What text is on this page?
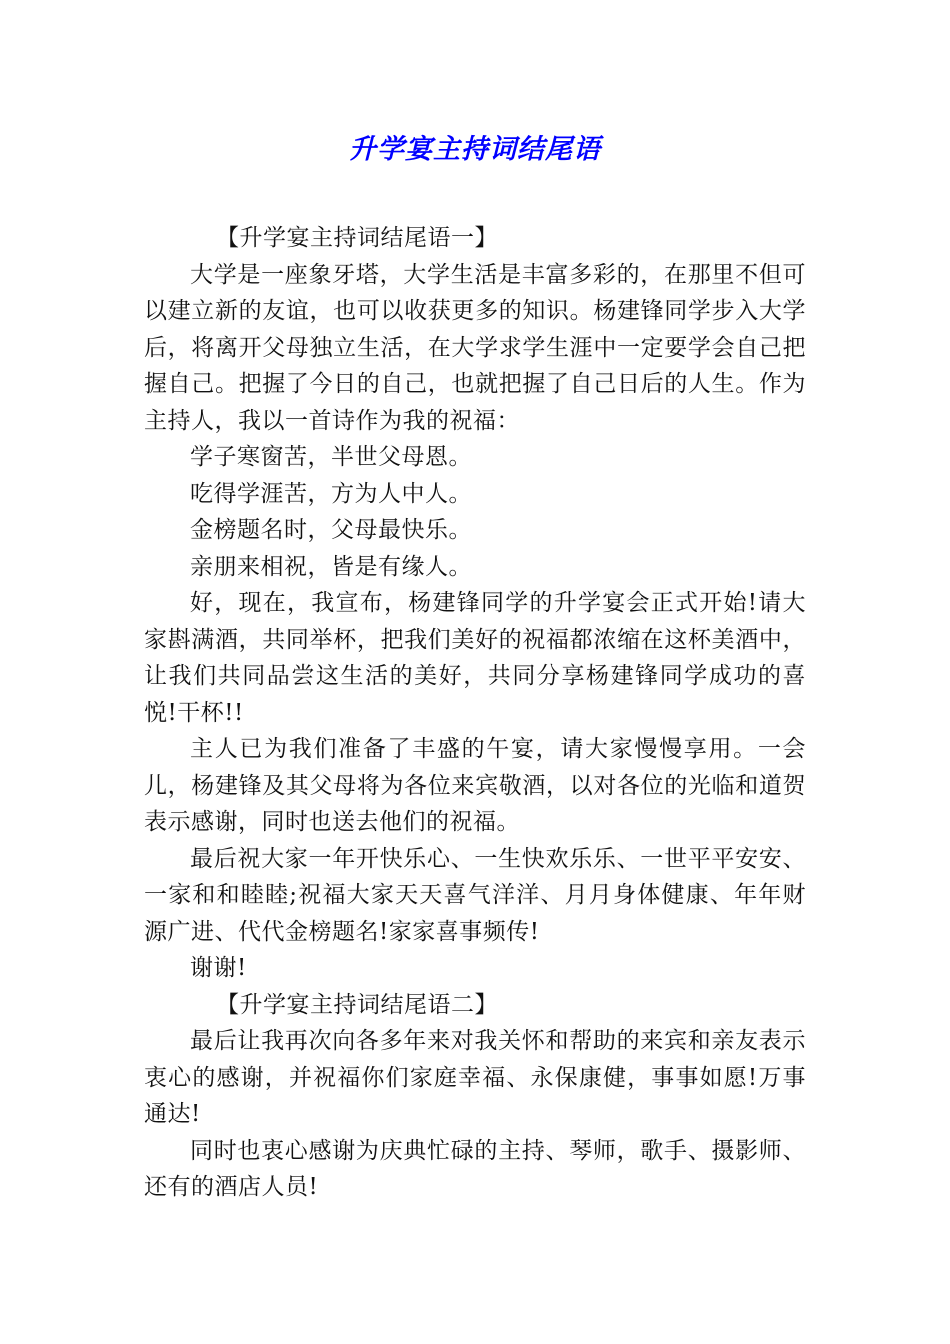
升学宴主持词结尾语

【升学宴主持词结尾语一】

大学是一座象牙塔，大学生活是丰富多彩的，在那里不但可以建立新的友谊，也可以收获更多的知识。杨建锋同学步入大学后，将离开父母独立生活，在大学求学生涯中一定要学会自己把握自己。把握了今日的自己，也就把握了自己日后的人生。作为主持人，我以一首诗作为我的祝福：

学子寒窗苦，半世父母恩。

吃得学涯苦，方为人中人。

金榜题名时，父母最快乐。

亲朋来相祝，皆是有缘人。

好，现在，我宣布，杨建锋同学的升学宴会正式开始!请大家斟满酒，共同举杯，把我们美好的祝福都浓缩在这杯美酒中，让我们共同品尝这生活的美好，共同分享杨建锋同学成功的喜悦!干杯!!

主人已为我们准备了丰盛的午宴，请大家慢慢享用。一会儿，杨建锋及其父母将为各位来宾敬酒，以对各位的光临和道贺表示感谢，同时也送去他们的祝福。

最后祝大家一年开快乐心、一生快欢乐乐、一世平平安安、一家和和睦睦;祝福大家天天喜气洋洋、月月身体健康、年年财源广进、代代金榜题名!家家喜事频传!

谢谢!

【升学宴主持词结尾语二】

最后让我再次向各多年来对我关怀和帮助的来宾和亲友表示衷心的感谢，并祝福你们家庭幸福、永保康健，事事如愿!万事通达!

同时也衷心感谢为庆典忙碌的主持、琴师，歌手、摄影师、还有的酒店人员!
